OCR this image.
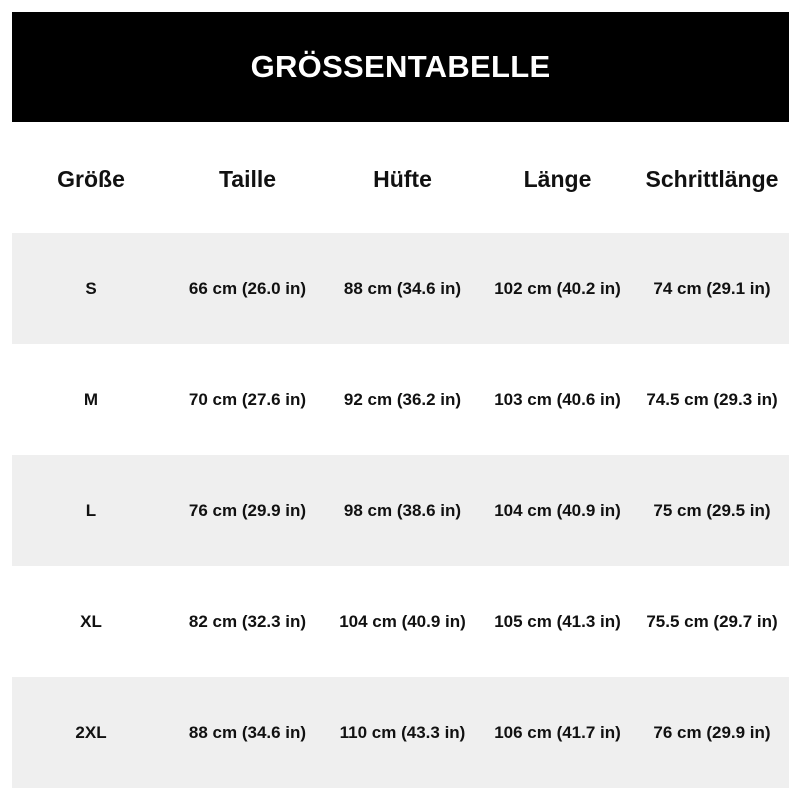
GRÖSSENTABELLE
Größe	Taille	Hüfte	Länge	Schrittlänge
S	66 cm (26.0 in)	88 cm (34.6 in)	102 cm (40.2 in)	74 cm (29.1 in)
M	70 cm (27.6 in)	92 cm (36.2 in)	103 cm (40.6 in)	74.5 cm (29.3 in)
L	76 cm (29.9 in)	98 cm (38.6 in)	104 cm (40.9 in)	75 cm (29.5 in)
XL	82 cm (32.3 in)	104 cm (40.9 in)	105 cm (41.3 in)	75.5 cm (29.7 in)
2XL	88 cm (34.6 in)	110 cm (43.3 in)	106 cm (41.7 in)	76 cm (29.9 in)
